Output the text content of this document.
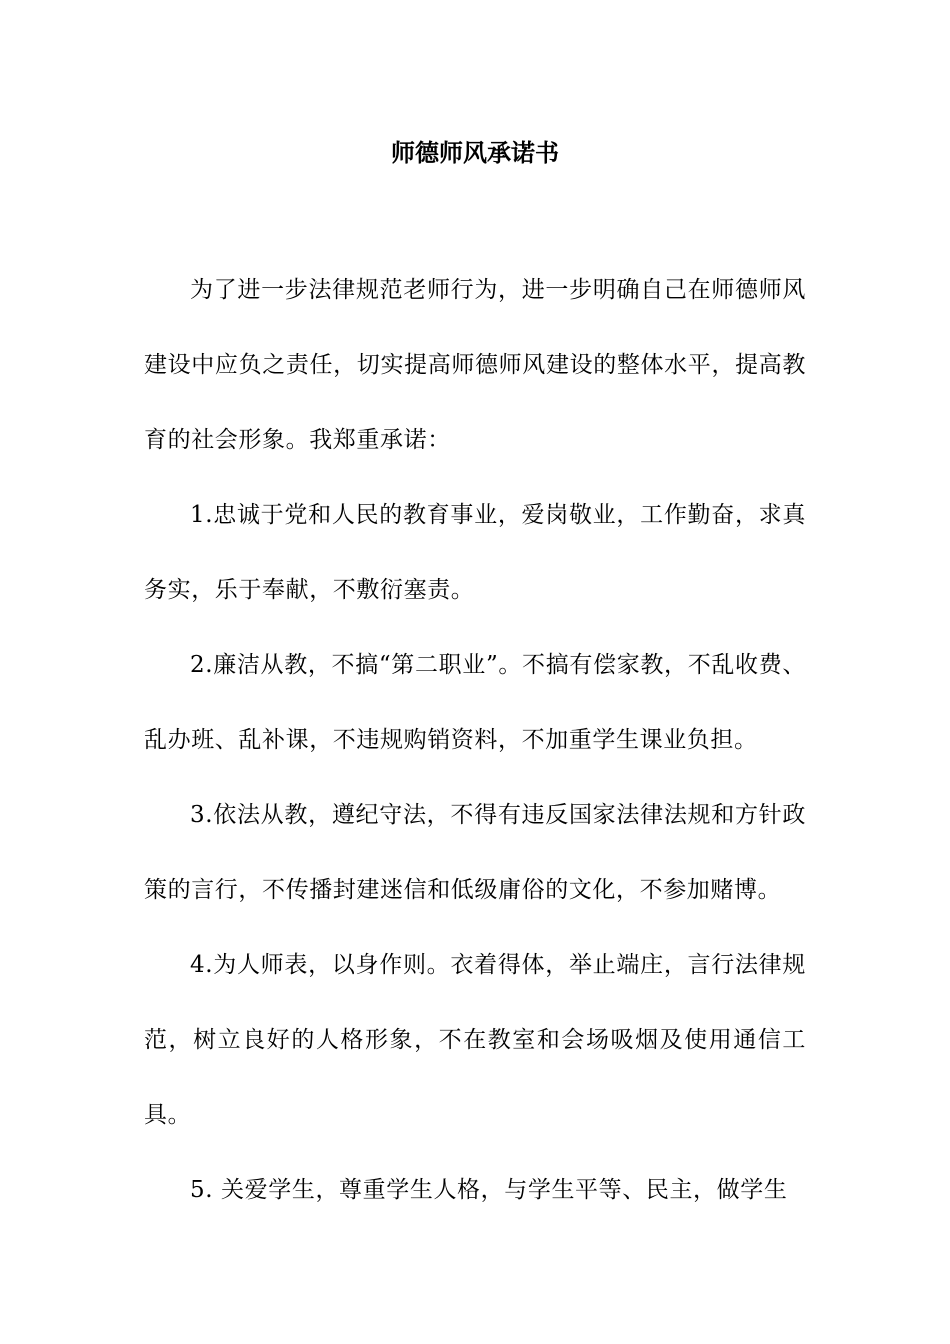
师德师风承诺书

为了进一步法律规范老师行为，进一步明确自己在师德师风建设中应负之责任，切实提高师德师风建设的整体水平，提高教育的社会形象。我郑重承诺：

1.忠诚于党和人民的教育事业，爱岗敬业，工作勤奋，求真务实，乐于奉献，不敷衍塞责。

2.廉洁从教，不搞“第二职业”。不搞有偿家教，不乱收费、乱办班、乱补课，不违规购销资料，不加重学生课业负担。

3.依法从教，遵纪守法，不得有违反国家法律法规和方针政策的言行，不传播封建迷信和低级庸俗的文化，不参加赌博。

4.为人师表，以身作则。衣着得体，举止端庄，言行法律规范，树立良好的人格形象，不在教室和会场吸烟及使用通信工具。

5. 关爱学生，尊重学生人格，与学生平等、民主，做学生
